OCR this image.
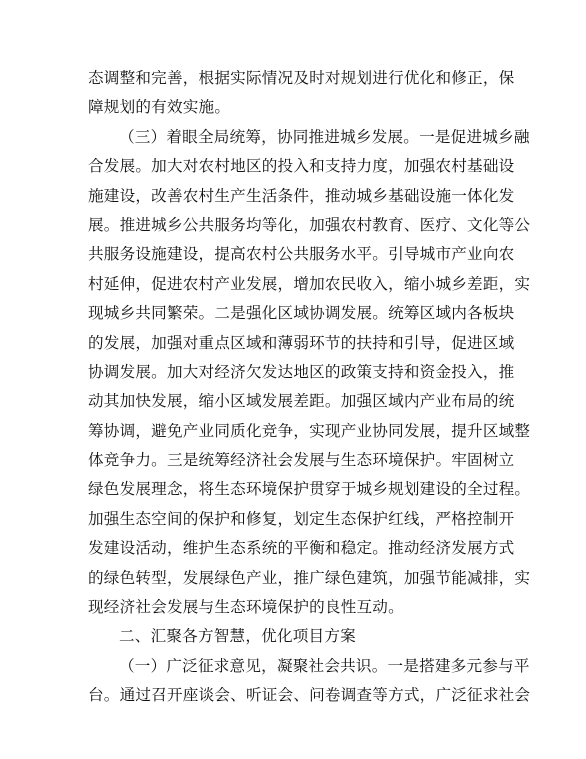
态调整和完善，根据实际情况及时对规划进行优化和修正，保
障规划的有效实施。
（三）着眼全局统筹，协同推进城乡发展。一是促进城乡融
合发展。加大对农村地区的投入和支持力度，加强农村基础设
施建设，改善农村生产生活条件，推动城乡基础设施一体化发
展。推进城乡公共服务均等化，加强农村教育、医疗、文化等公
共服务设施建设，提高农村公共服务水平。引导城市产业向农
村延伸，促进农村产业发展，增加农民收入，缩小城乡差距，实
现城乡共同繁荣。二是强化区域协调发展。统筹区域内各板块
的发展，加强对重点区域和薄弱环节的扶持和引导，促进区域
协调发展。加大对经济欠发达地区的政策支持和资金投入，推
动其加快发展，缩小区域发展差距。加强区域内产业布局的统
筹协调，避免产业同质化竞争，实现产业协同发展，提升区域整
体竞争力。三是统筹经济社会发展与生态环境保护。牢固树立
绿色发展理念，将生态环境保护贯穿于城乡规划建设的全过程。
加强生态空间的保护和修复，划定生态保护红线，严格控制开
发建设活动，维护生态系统的平衡和稳定。推动经济发展方式
的绿色转型，发展绿色产业，推广绿色建筑，加强节能减排，实
现经济社会发展与生态环境保护的良性互动。
二、汇聚各方智慧，优化项目方案
（一）广泛征求意见，凝聚社会共识。一是搭建多元参与平
台。通过召开座谈会、听证会、问卷调查等方式，广泛征求社会
